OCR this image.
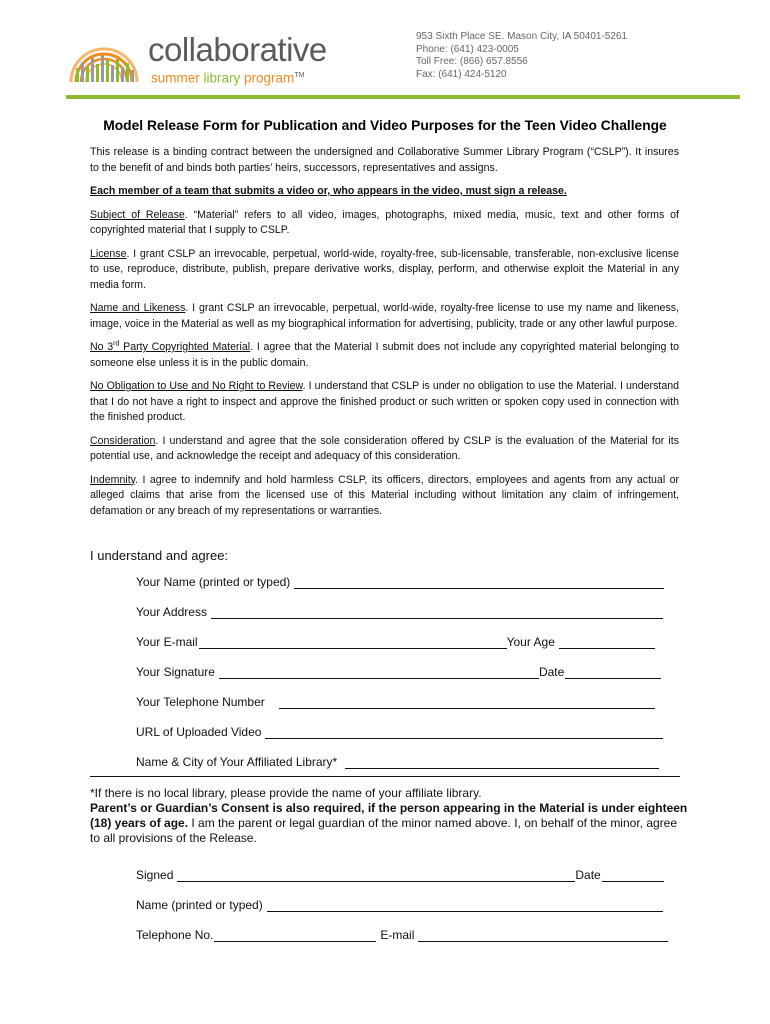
collaborative
summer library program™
953 Sixth Place SE. Mason City, IA 50401-5261
Phone: (641) 423-0005
Toll Free: (866) 657.8556
Fax: (641) 424-5120
Model Release Form for Publication and Video Purposes for the Teen Video Challenge

This release is a binding contract between the undersigned and Collaborative Summer Library Program (“CSLP”). It insures to the benefit of and binds both parties’ heirs, successors, representatives and assigns.

Each member of a team that submits a video or, who appears in the video, must sign a release.

Subject of Release. “Material” refers to all video, images, photographs, mixed media, music, text and other forms of copyrighted material that I supply to CSLP.

License. I grant CSLP an irrevocable, perpetual, world-wide, royalty-free, sub-licensable, transferable, non-exclusive license to use, reproduce, distribute, publish, prepare derivative works, display, perform, and otherwise exploit the Material in any media form.

Name and Likeness. I grant CSLP an irrevocable, perpetual, world-wide, royalty-free license to use my name and likeness, image, voice in the Material as well as my biographical information for advertising, publicity, trade or any other lawful purpose.

No 3rd Party Copyrighted Material. I agree that the Material I submit does not include any copyrighted material belonging to someone else unless it is in the public domain.

No Obligation to Use and No Right to Review. I understand that CSLP is under no obligation to use the Material. I understand that I do not have a right to inspect and approve the finished product or such written or spoken copy used in connection with the finished product.

Consideration. I understand and agree that the sole consideration offered by CSLP is the evaluation of the Material for its potential use, and acknowledge the receipt and adequacy of this consideration.

Indemnity. I agree to indemnify and hold harmless CSLP, its officers, directors, employees and agents from any actual or alleged claims that arise from the licensed use of this Material including without limitation any claim of infringement, defamation or any breach of my representations or warranties.

I understand and agree:
Your Name (printed or typed)
Your Address
Your E-mail	Your Age
Your Signature	Date
Your Telephone Number
URL of Uploaded Video
Name & City of Your Affiliated Library*
*If there is no local library, please provide the name of your affiliate library.
Parent’s or Guardian’s Consent is also required, if the person appearing in the Material is under eighteen (18) years of age. I am the parent or legal guardian of the minor named above. I, on behalf of the minor, agree to all provisions of the Release.
Signed	Date
Name (printed or typed)
Telephone No.	E-mail
